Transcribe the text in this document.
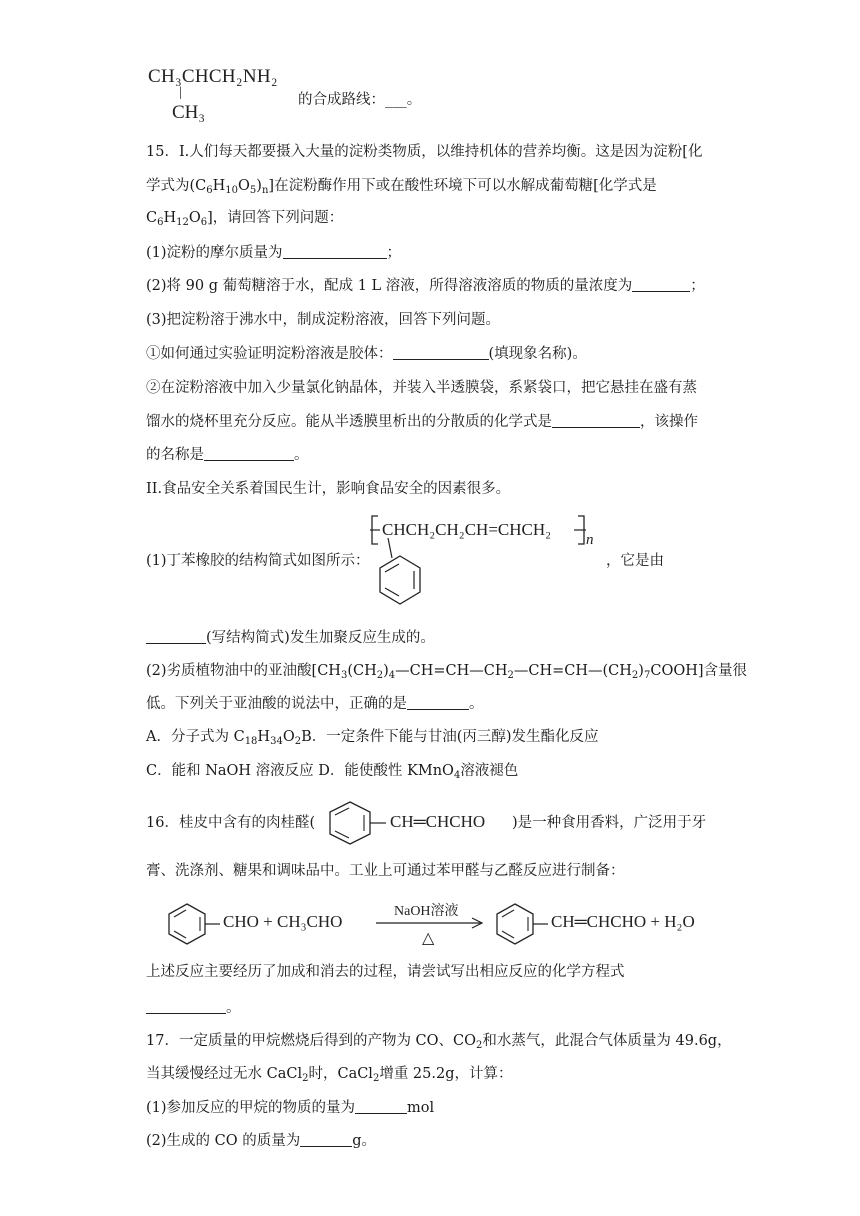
CH₃CHCH₂NH₂
|
CH₃
的合成路线：___。
15．I.人们每天都要摄入大量的淀粉类物质，以维持机体的营养均衡。这是因为淀粉[化
学式为$(C_6H_{10}O_5)_n$]在淀粉酶作用下或在酸性环境下可以水解成葡萄糖[化学式是
$C_6H_{12}O_6$]，请回答下列问题：
(1)淀粉的摩尔质量为	；
(2)将 90 g 葡萄糖溶于水，配成 1 L 溶液，所得溶液溶质的物质的量浓度为	；
(3)把淀粉溶于沸水中，制成淀粉溶液，回答下列问题。
①如何通过实验证明淀粉溶液是胶体：	(填现象名称)。
②在淀粉溶液中加入少量氯化钠晶体，并装入半透膜袋，系紧袋口，把它悬挂在盛有蒸
馏水的烧杯里充分反应。能从半透膜里析出的分散质的化学式是	，该操作
的名称是	。
II.食品安全关系着国民生计，影响食品安全的因素很多。
CHCH₂CH₂CH=CHCH₂
n
(1)丁苯橡胶的结构简式如图所示：	，它是由
(写结构简式)发生加聚反应生成的。
(2)劣质植物油中的亚油酸$[CH_3(CH_2)_4—CH=CH—CH_2—CH=CH—(CH_2)_7COOH]$含量很
低。下列关于亚油酸的说法中，正确的是	。
A．分子式为 $C_{18}H_{34}O_2B$．一定条件下能与甘油(丙三醇)发生酯化反应
C．能和 NaOH 溶液反应 D．能使酸性 KMnO$_4$溶液褪色
16．桂皮中含有的肉桂醛(	CH═CHCHO )是一种食用香料，广泛用于牙
膏、洗涤剂、糖果和调味品中。工业上可通过苯甲醛与乙醛反应进行制备：
CHO + CH₃CHO
NaOH溶液
△
CH═CHCHO + H₂O
上述反应主要经历了加成和消去的过程，请尝试写出相应反应的化学方程式
。
17．一定质量的甲烷燃烧后得到的产物为 CO、$CO_2$和水蒸气，此混合气体质量为 49.6g，
当其缓慢经过无水 CaCl$_2$时，CaCl$_2$增重 25.2g，计算：
(1)参加反应的甲烷的物质的量为	mol
(2)生成的 CO 的质量为	g。
